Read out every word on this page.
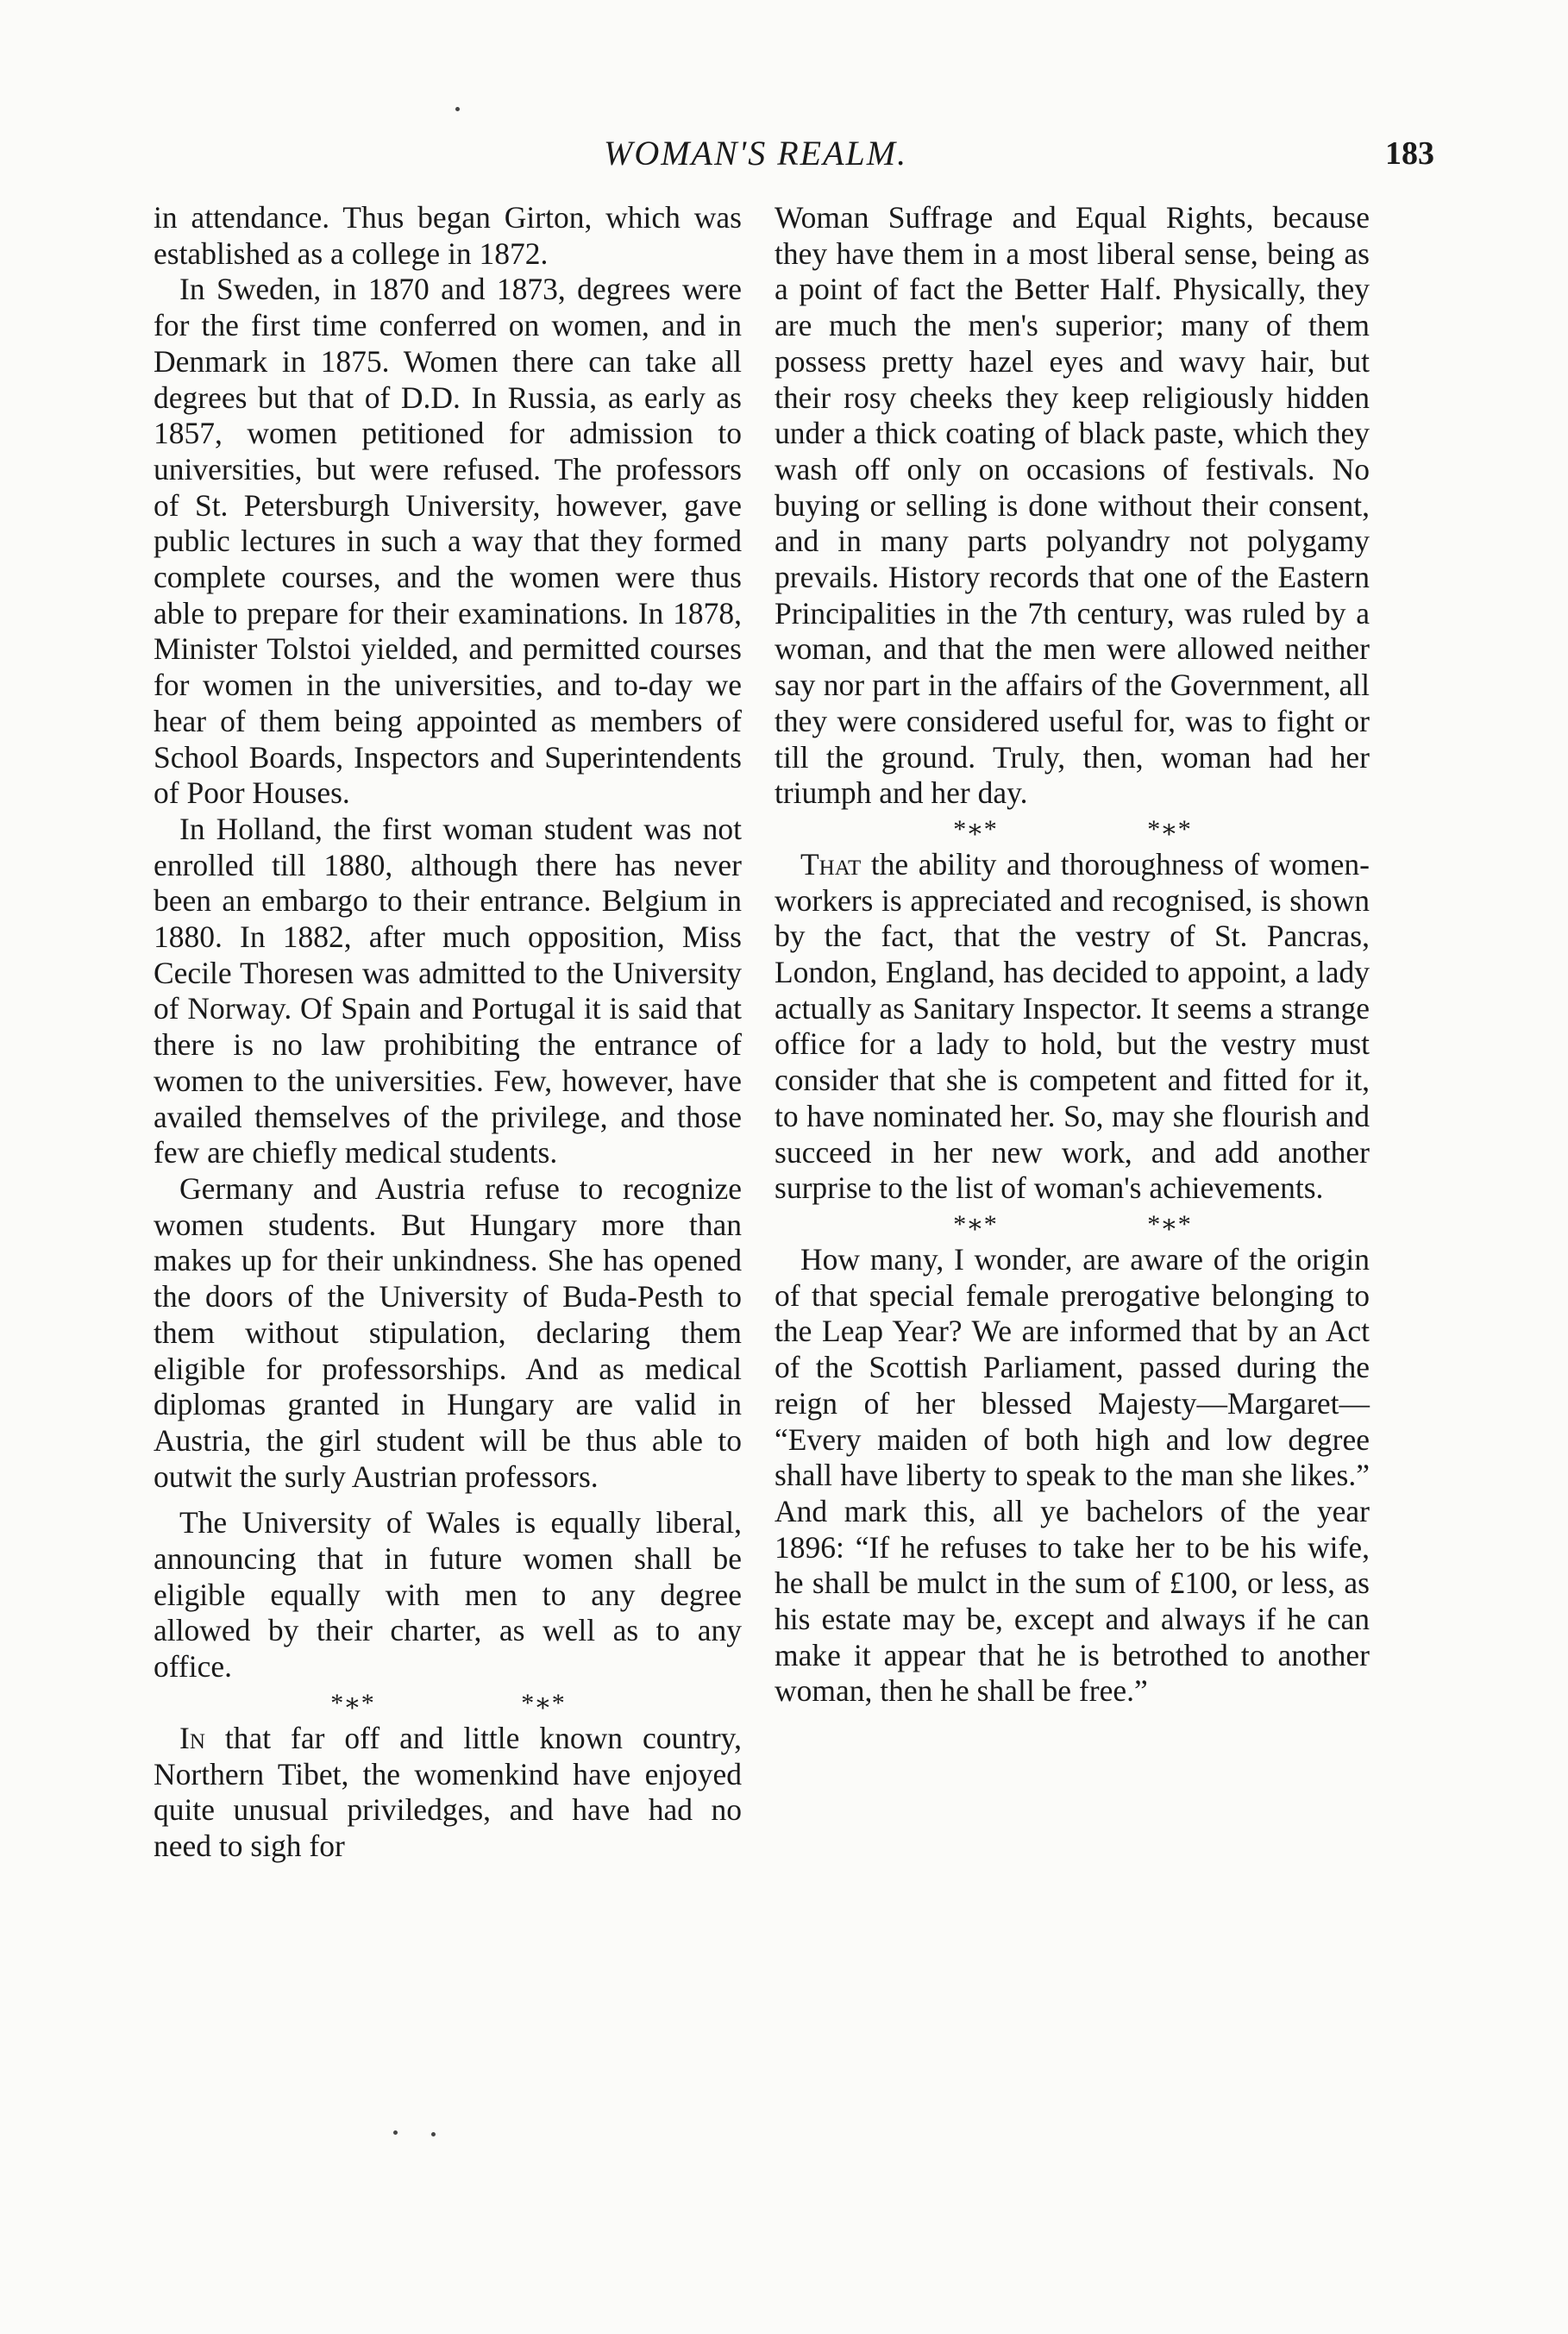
WOMAN'S REALM.	183

in attendance. Thus began Girton, which was established as a college in 1872.

In Sweden, in 1870 and 1873, degrees were for the first time conferred on women, and in Denmark in 1875. Women there can take all degrees but that of D.D. In Russia, as early as 1857, women petitioned for admission to universities, but were refused. The professors of St. Petersburgh University, however, gave public lectures in such a way that they formed complete courses, and the women were thus able to prepare for their examinations. In 1878, Minister Tolstoi yielded, and permitted courses for women in the universities, and to-day we hear of them being appointed as members of School Boards, Inspectors and Superintendents of Poor Houses.

In Holland, the first woman student was not enrolled till 1880, although there has never been an embargo to their entrance. Belgium in 1880. In 1882, after much opposition, Miss Cecile Thoresen was admitted to the University of Norway. Of Spain and Portugal it is said that there is no law prohibiting the entrance of women to the universities. Few, however, have availed themselves of the privilege, and those few are chiefly medical students.

Germany and Austria refuse to recognize women students. But Hungary more than makes up for their unkindness. She has opened the doors of the University of Buda-Pesth to them without stipulation, declaring them eligible for professorships. And as medical diplomas granted in Hungary are valid in Austria, the girl student will be thus able to outwit the surly Austrian professors.

The University of Wales is equally liberal, announcing that in future women shall be eligible equally with men to any degree allowed by their charter, as well as to any office.

*∗*	*∗*

In that far off and little known country, Northern Tibet, the womenkind have enjoyed quite unusual priviledges, and have had no need to sigh for

Woman Suffrage and Equal Rights, because they have them in a most liberal sense, being as a point of fact the Better Half. Physically, they are much the men's superior; many of them possess pretty hazel eyes and wavy hair, but their rosy cheeks they keep religiously hidden under a thick coating of black paste, which they wash off only on occasions of festivals. No buying or selling is done without their consent, and in many parts polyandry not polygamy prevails. History records that one of the Eastern Principalities in the 7th century, was ruled by a woman, and that the men were allowed neither say nor part in the affairs of the Government, all they were considered useful for, was to fight or till the ground. Truly, then, woman had her triumph and her day.

*∗*	*∗*

That the ability and thoroughness of women-workers is appreciated and recognised, is shown by the fact, that the vestry of St. Pancras, London, England, has decided to appoint, a lady actually as Sanitary Inspector. It seems a strange office for a lady to hold, but the vestry must consider that she is competent and fitted for it, to have nominated her. So, may she flourish and succeed in her new work, and add another surprise to the list of woman's achievements.

*∗*	*∗*

How many, I wonder, are aware of the origin of that special female prerogative belonging to the Leap Year? We are informed that by an Act of the Scottish Parliament, passed during the reign of her blessed Majesty—Margaret— “Every maiden of both high and low degree shall have liberty to speak to the man she likes.” And mark this, all ye bachelors of the year 1896: “If he refuses to take her to be his wife, he shall be mulct in the sum of £100, or less, as his estate may be, except and always if he can make it appear that he is betrothed to another woman, then he shall be free.”
